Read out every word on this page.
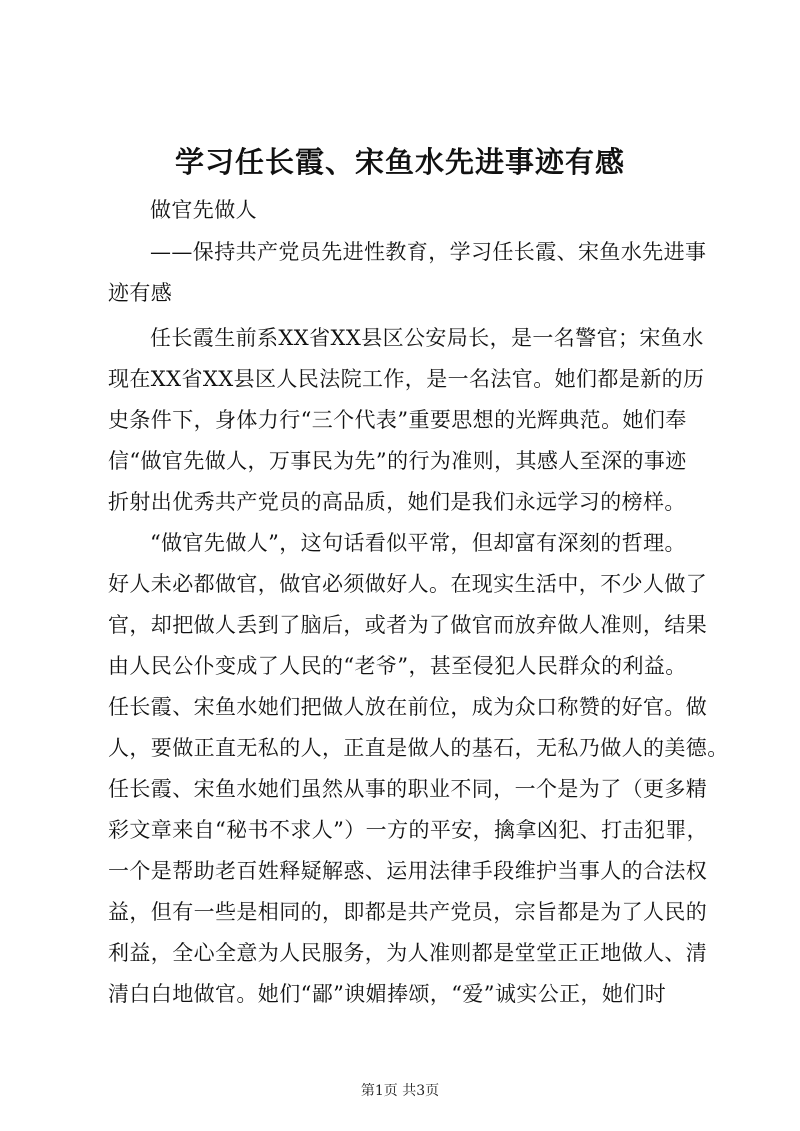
学习任长霞、宋鱼水先进事迹有感
做官先做人
——保持共产党员先进性教育，学习任长霞、宋鱼水先进事
迹有感
任长霞生前系XX省XX县区公安局长，是一名警官；宋鱼水
现在XX省XX县区人民法院工作，是一名法官。她们都是新的历
史条件下，身体力行“三个代表”重要思想的光辉典范。她们奉
信“做官先做人，万事民为先”的行为准则，其感人至深的事迹
折射出优秀共产党员的高品质，她们是我们永远学习的榜样。
“做官先做人”，这句话看似平常，但却富有深刻的哲理。
好人未必都做官，做官必须做好人。在现实生活中，不少人做了
官，却把做人丢到了脑后，或者为了做官而放弃做人准则，结果
由人民公仆变成了人民的“老爷”，甚至侵犯人民群众的利益。
任长霞、宋鱼水她们把做人放在前位，成为众口称赞的好官。做
人，要做正直无私的人，正直是做人的基石，无私乃做人的美德。
任长霞、宋鱼水她们虽然从事的职业不同，一个是为了（更多精
彩文章来自“秘书不求人”）一方的平安，擒拿凶犯、打击犯罪，
一个是帮助老百姓释疑解惑、运用法律手段维护当事人的合法权
益，但有一些是相同的，即都是共产党员，宗旨都是为了人民的
利益，全心全意为人民服务，为人准则都是堂堂正正地做人、清
清白白地做官。她们“鄙”谀媚捧颂，“爱”诚实公正，她们时
第1页 共3页
